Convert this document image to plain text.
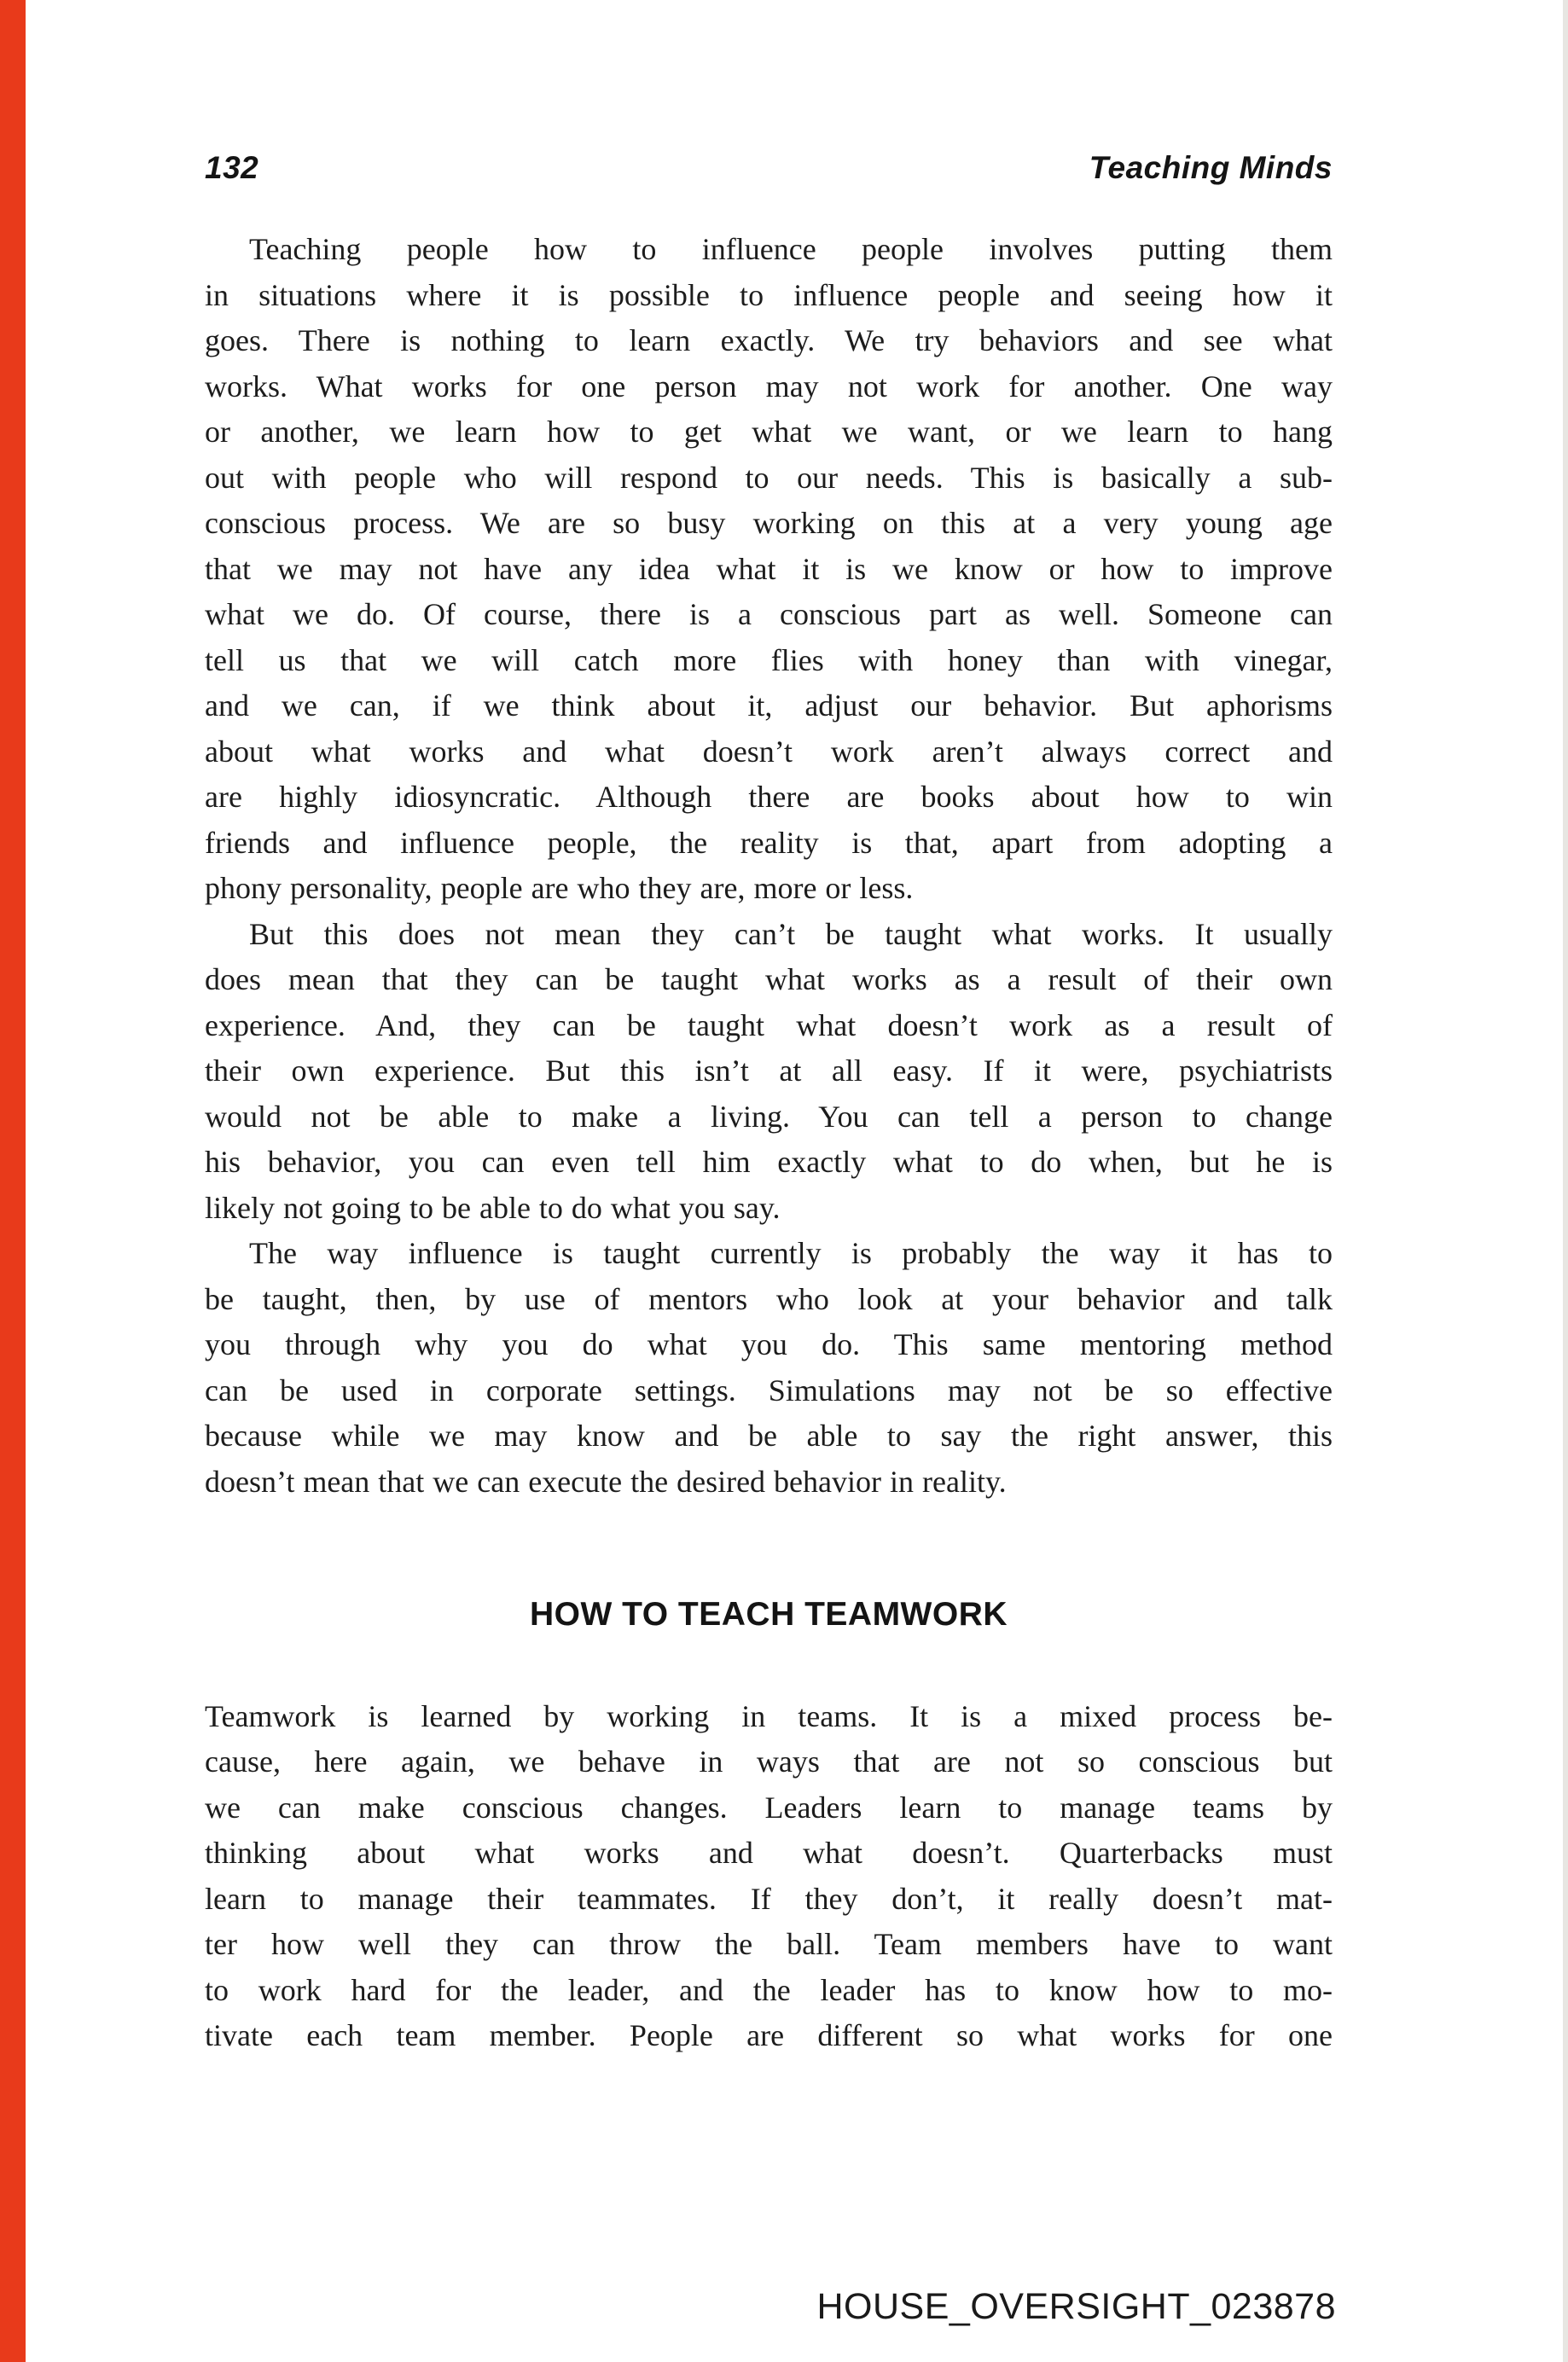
132	Teaching Minds
Teaching people how to influence people involves putting them
in situations where it is possible to influence people and seeing how it
goes. There is nothing to learn exactly. We try behaviors and see what
works. What works for one person may not work for another. One way
or another, we learn how to get what we want, or we learn to hang
out with people who will respond to our needs. This is basically a sub-
conscious process. We are so busy working on this at a very young age
that we may not have any idea what it is we know or how to improve
what we do. Of course, there is a conscious part as well. Someone can
tell us that we will catch more flies with honey than with vinegar,
and we can, if we think about it, adjust our behavior. But aphorisms
about what works and what doesn’t work aren’t always correct and
are highly idiosyncratic. Although there are books about how to win
friends and influence people, the reality is that, apart from adopting a
phony personality, people are who they are, more or less.
But this does not mean they can’t be taught what works. It usually
does mean that they can be taught what works as a result of their own
experience. And, they can be taught what doesn’t work as a result of
their own experience. But this isn’t at all easy. If it were, psychiatrists
would not be able to make a living. You can tell a person to change
his behavior, you can even tell him exactly what to do when, but he is
likely not going to be able to do what you say.
The way influence is taught currently is probably the way it has to
be taught, then, by use of mentors who look at your behavior and talk
you through why you do what you do. This same mentoring method
can be used in corporate settings. Simulations may not be so effective
because while we may know and be able to say the right answer, this
doesn’t mean that we can execute the desired behavior in reality.
HOW TO TEACH TEAMWORK
Teamwork is learned by working in teams. It is a mixed process be-
cause, here again, we behave in ways that are not so conscious but
we can make conscious changes. Leaders learn to manage teams by
thinking about what works and what doesn’t. Quarterbacks must
learn to manage their teammates. If they don’t, it really doesn’t mat-
ter how well they can throw the ball. Team members have to want
to work hard for the leader, and the leader has to know how to mo-
tivate each team member. People are different so what works for one
HOUSE_OVERSIGHT_023878
